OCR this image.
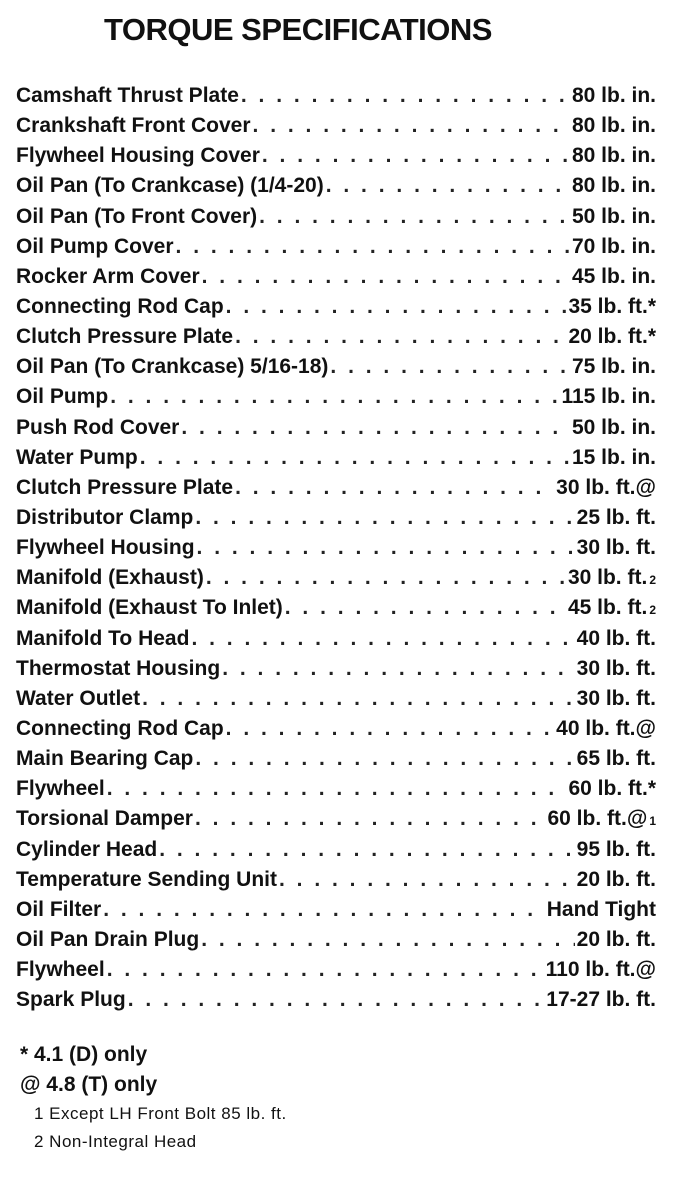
TORQUE SPECIFICATIONS
Camshaft Thrust Plate . . .	80 lb. in.
Crankshaft Front Cover . . .	80 lb. in.
Flywheel Housing Cover . . .	80 lb. in.
Oil Pan (To Crankcase) (1/4-20) . . .	80 lb. in.
Oil Pan (To Front Cover) . . .	50 lb. in.
Oil Pump Cover . . .	70 lb. in.
Rocker Arm Cover . . .	45 lb. in.
Connecting Rod Cap . . .	35 lb. ft.*
Clutch Pressure Plate . . .	20 lb. ft.*
Oil Pan (To Crankcase) 5/16-18) . . .	75 lb. in.
Oil Pump . . .	115 lb. in.
Push Rod Cover . . .	50 lb. in.
Water Pump . . .	15 lb. in.
Clutch Pressure Plate . . .	30 lb. ft.@
Distributor Clamp . . .	25 lb. ft.
Flywheel Housing . . .	30 lb. ft.
Manifold (Exhaust) . . .	30 lb. ft. 2
Manifold (Exhaust To Inlet) . . .	45 lb. ft. 2
Manifold To Head . . .	40 lb. ft.
Thermostat Housing . . .	30 lb. ft.
Water Outlet . . .	30 lb. ft.
Connecting Rod Cap . . .	40 lb. ft.@
Main Bearing Cap . . .	65 lb. ft.
Flywheel . . .	60 lb. ft.*
Torsional Damper . . .	60 lb. ft.@ 1
Cylinder Head . . .	95 lb. ft.
Temperature Sending Unit . . .	20 lb. ft.
Oil Filter . . .	Hand Tight
Oil Pan Drain Plug . . .	20 lb. ft.
Flywheel . . .	110 lb. ft.@
Spark Plug . . .	17-27 lb. ft.
* 4.1 (D) only
@ 4.8 (T) only
1 Except LH Front Bolt 85 lb. ft.
2 Non-Integral Head
